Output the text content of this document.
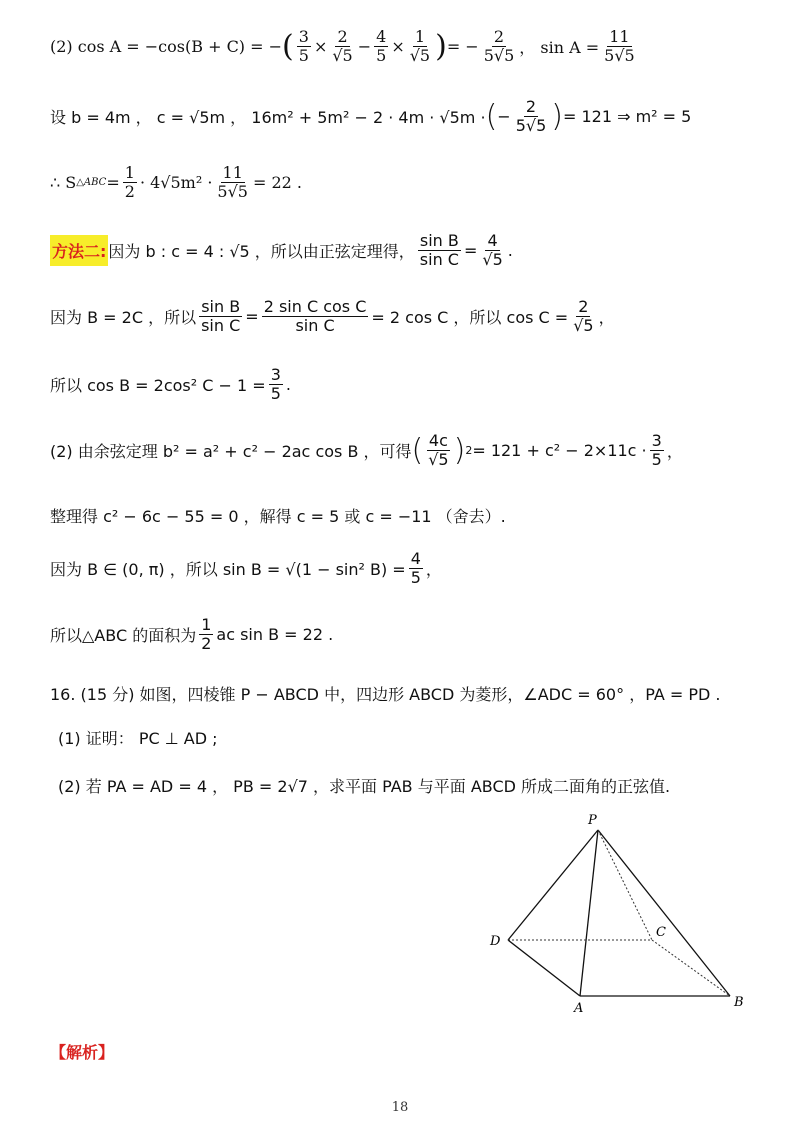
(2) cos A = −cos(B + C) = − ( $\frac{3}{5} \times \frac{2}{√5} - \frac{4}{5} \times \frac{1}{√5}$ ) = − $\frac{2}{5√5}$ ， $\sin A = \frac{11}{5√5}$
设 b = 4m ， c = √5m ， 16m² + 5m² − 2 · 4m · √5m · ( − $\frac{2}{5√5}$ ) = 121 ⇒ m² = 5
∴ S △ABC = $\frac{1}{2} \cdot 4√5m^2 \cdot \frac{11}{5√5} = 22$ .
方法二: 因为 b : c = 4 : √5 ，所以由正弦定理得， $\frac{\text{sin B}}{\text{sin C}} = \frac{4}{√5}$ .
因为 B = 2C ，所以 $\frac{\text{sin B}}{\text{sin C}} = \frac{\text{2 sin C cos C}}{\text{sin C}} = 2$ cos C ，所以 $\cos C = \frac{2}{√5}$ ，
所以 cos B = 2cos² $C - 1 = \frac{3}{5}$ .
(2) 由余弦定理 b² = a² + c² − 2ac cos B ，可得 ( $\frac{4c}{√5}$ ) $2 = 121 + c^2 - 2\times 11c \cdot \frac{3}{5}$ ，
整理得 c² − 6c − 55 = 0 ，解得 c = 5 或 c = −11 （舍去）.
因为 B ∈ (0, π) ，所以 sin B = √(1 − sin² $B) = \frac{4}{5}$ ，
所以△ABC 的面积为 $\frac{1}{2}$ ac sin B = 22 .
16. (15 分) 如图，四棱锥 P − ABCD 中，四边形 ABCD 为菱形，∠ADC = 60° ，PA = PD .
(1) 证明： PC ⊥ AD ;
(2) 若 PA = AD = 4 ， PB = 2√7 ，求平面 PAB 与平面 ABCD 所成二面角的正弦值.
P
D
C
A	B
【解析】
18
